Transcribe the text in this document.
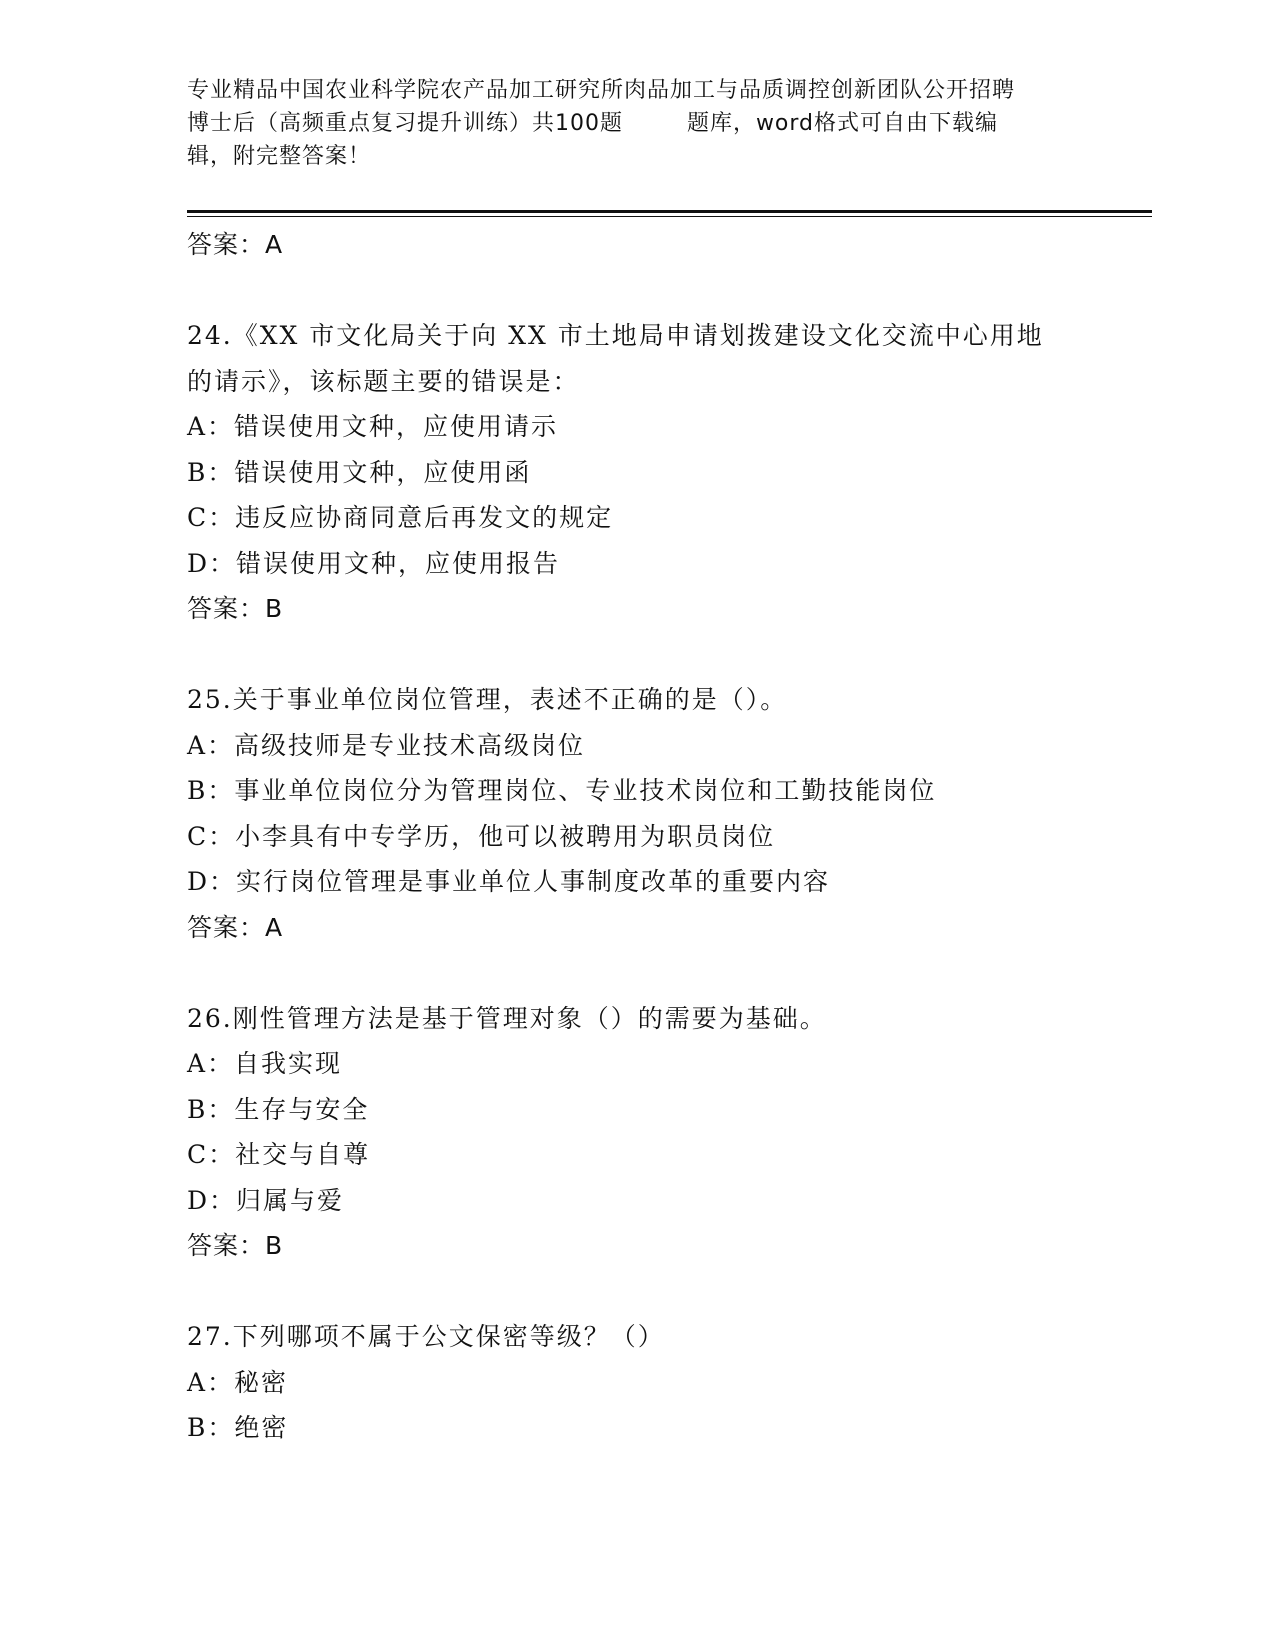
专业精品中国农业科学院农产品加工研究所肉品加工与品质调控创新团队公开招聘
博士后（高频重点复习提升训练）共100题        题库，word格式可自由下载编
辑，附完整答案！
答案：A
24.《XX 市文化局关于向 XX 市土地局申请划拨建设文化交流中心用地
的请示》，该标题主要的错误是：
A：错误使用文种，应使用请示
B：错误使用文种，应使用函
C：违反应协商同意后再发文的规定
D：错误使用文种，应使用报告
答案：B
25.关于事业单位岗位管理，表述不正确的是（）。
A：高级技师是专业技术高级岗位
B：事业单位岗位分为管理岗位、专业技术岗位和工勤技能岗位
C：小李具有中专学历，他可以被聘用为职员岗位
D：实行岗位管理是事业单位人事制度改革的重要内容
答案：A
26.刚性管理方法是基于管理对象（）的需要为基础。
A：自我实现
B：生存与安全
C：社交与自尊
D：归属与爱
答案：B
27.下列哪项不属于公文保密等级？（）
A：秘密
B：绝密
